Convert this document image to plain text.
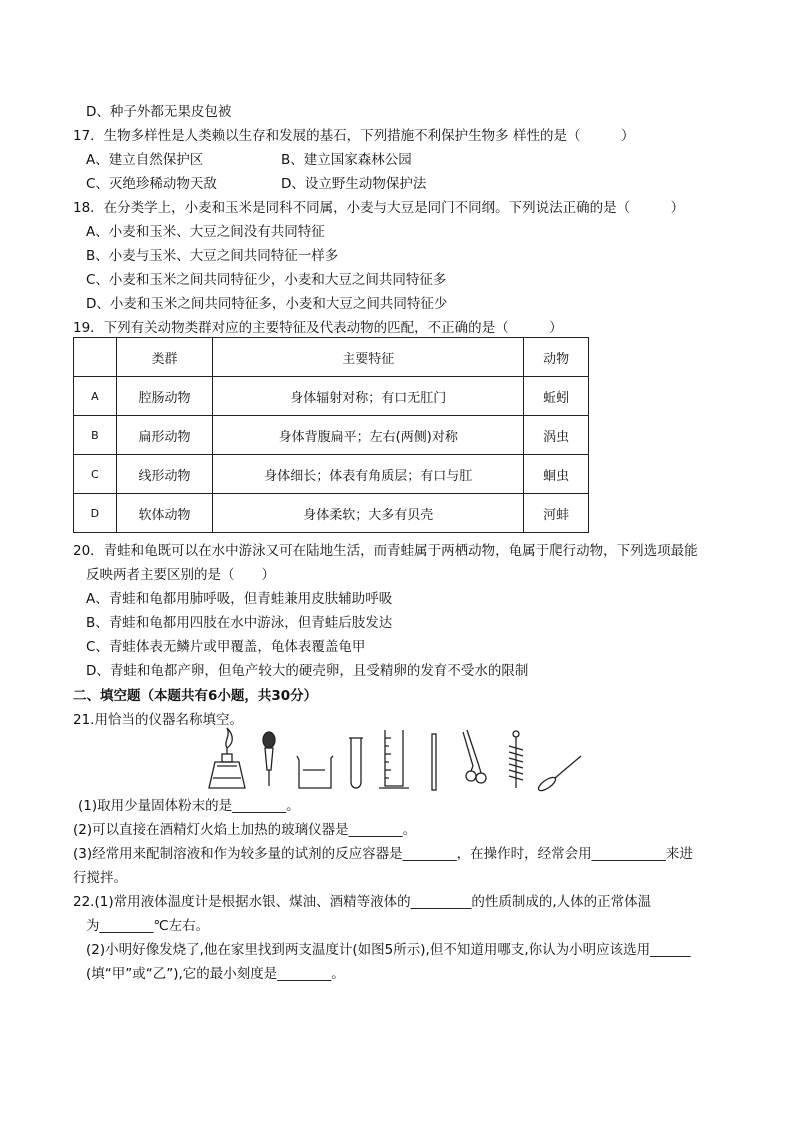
D、种子外都无果皮包被
17．生物多样性是人类赖以生存和发展的基石，下列措施不利保护生物多 样性的是（　　　）
A、建立自然保护区	B、建立国家森林公园
C、灭绝珍稀动物天敌	D、设立野生动物保护法
18．在分类学上，小麦和玉米是同科不同属，小麦与大豆是同门不同纲。下列说法正确的是（　　　）
A、小麦和玉米、大豆之间没有共同特征
B、小麦与玉米、大豆之间共同特征一样多
C、小麦和玉米之间共同特征少，小麦和大豆之间共同特征多
D、小麦和玉米之间共同特征多，小麦和大豆之间共同特征少
19．下列有关动物类群对应的主要特征及代表动物的匹配，不正确的是（　　　）
	类群	主要特征	动物
A	腔肠动物	身体辐射对称；有口无肛门	蚯蚓
B	扁形动物	身体背腹扁平；左右(两侧)对称	涡虫
C	线形动物	身体细长；体表有角质层；有口与肛	蛔虫
D	软体动物	身体柔软；大多有贝壳	河蚌
20．青蛙和龟既可以在水中游泳又可在陆地生活，而青蛙属于两栖动物，龟属于爬行动物，下列选项最能
反映两者主要区别的是（　　）
A、青蛙和龟都用肺呼吸，但青蛙兼用皮肤辅助呼吸
B、青蛙和龟都用四肢在水中游泳，但青蛙后肢发达
C、青蛙体表无鳞片或甲覆盖，龟体表覆盖龟甲
D、青蛙和龟都产卵，但龟产较大的硬壳卵，且受精卵的发育不受水的限制
二、填空题（本题共有6小题，共30分）
21.用恰当的仪器名称填空。
(1)取用少量固体粉末的是________。
(2)可以直接在酒精灯火焰上加热的玻璃仪器是________。
(3)经常用来配制溶液和作为较多量的试剂的反应容器是________，在操作时，经常会用___________来进
行搅拌。
22.(1)常用液体温度计是根据水银、煤油、酒精等液体的_________的性质制成的,人体的正常体温
为________℃左右。
(2)小明好像发烧了,他在家里找到两支温度计(如图5所示),但不知道用哪支,你认为小明应该选用______
(填“甲”或“乙”),它的最小刻度是________。
